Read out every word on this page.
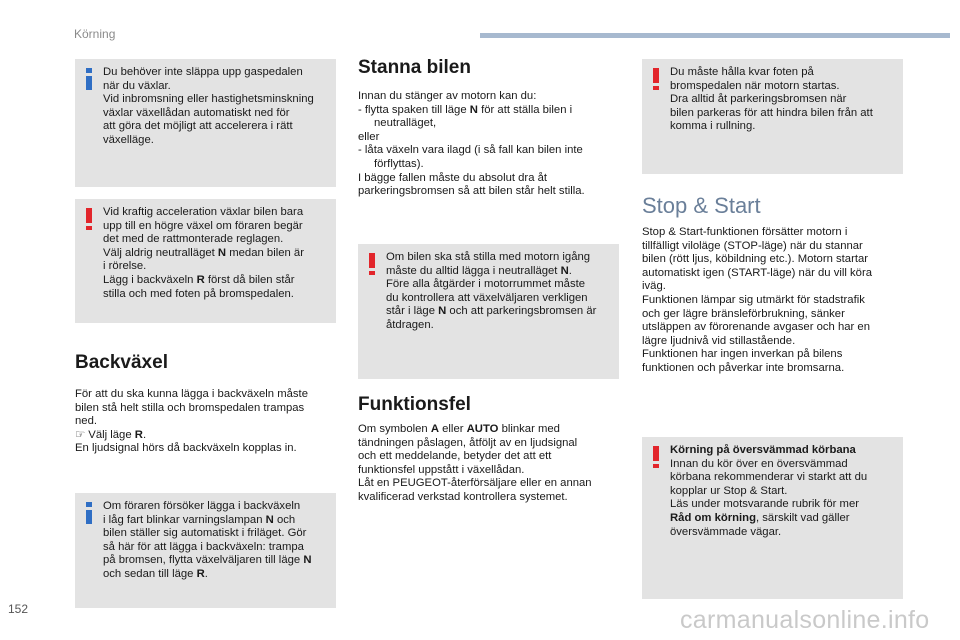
Körning
Du behöver inte släppa upp gaspedalen
när du växlar.
Vid inbromsning eller hastighetsminskning
växlar växellådan automatiskt ned för
att göra det möjligt att accelerera i rätt
växelläge.
Vid kraftig acceleration växlar bilen bara
upp till en högre växel om föraren begär
det med de rattmonterade reglagen.
Välj aldrig neutralläget N medan bilen är
i rörelse.
Lägg i backväxeln R först då bilen står
stilla och med foten på bromspedalen.
Backväxel
För att du ska kunna lägga i backväxeln måste
bilen stå helt stilla och bromspedalen trampas
ned.
☞ Välj läge R.
En ljudsignal hörs då backväxeln kopplas in.
Om föraren försöker lägga i backväxeln
i låg fart blinkar varningslampan N och
bilen ställer sig automatiskt i friläget. Gör
så här för att lägga i backväxeln: trampa
på bromsen, flytta växelväljaren till läge N
och sedan till läge R.
Stanna bilen
Innan du stänger av motorn kan du:
- flytta spaken till läge N för att ställa bilen i
neutralläget,
eller
- låta växeln vara ilagd (i så fall kan bilen inte
förflyttas).
I bägge fallen måste du absolut dra åt
parkeringsbromsen så att bilen står helt stilla.
Om bilen ska stå stilla med motorn igång
måste du alltid lägga i neutralläget N.
Före alla åtgärder i motorrummet måste
du kontrollera att växelväljaren verkligen
står i läge N och att parkeringsbromsen är
åtdragen.
Funktionsfel
Om symbolen A eller AUTO blinkar med
tändningen påslagen, åtföljt av en ljudsignal
och ett meddelande, betyder det att ett
funktionsfel uppstått i växellådan.
Låt en PEUGEOT-återförsäljare eller en annan
kvalificerad verkstad kontrollera systemet.
Du måste hålla kvar foten på
bromspedalen när motorn startas.
Dra alltid åt parkeringsbromsen när
bilen parkeras för att hindra bilen från att
komma i rullning.
Stop & Start
Stop & Start-funktionen försätter motorn i
tillfälligt viloläge (STOP-läge) när du stannar
bilen (rött ljus, köbildning etc.). Motorn startar
automatiskt igen (START-läge) när du vill köra
iväg.
Funktionen lämpar sig utmärkt för stadstrafik
och ger lägre bränsleförbrukning, sänker
utsläppen av förorenande avgaser och har en
lägre ljudnivå vid stillastående.
Funktionen har ingen inverkan på bilens
funktionen och påverkar inte bromsarna.
Körning på översvämmad körbana
Innan du kör över en översvämmad
körbana rekommenderar vi starkt att du
kopplar ur Stop & Start.
Läs under motsvarande rubrik för mer
Råd om körning, särskilt vad gäller
översvämmade vägar.
152	carmanualsonline.info
